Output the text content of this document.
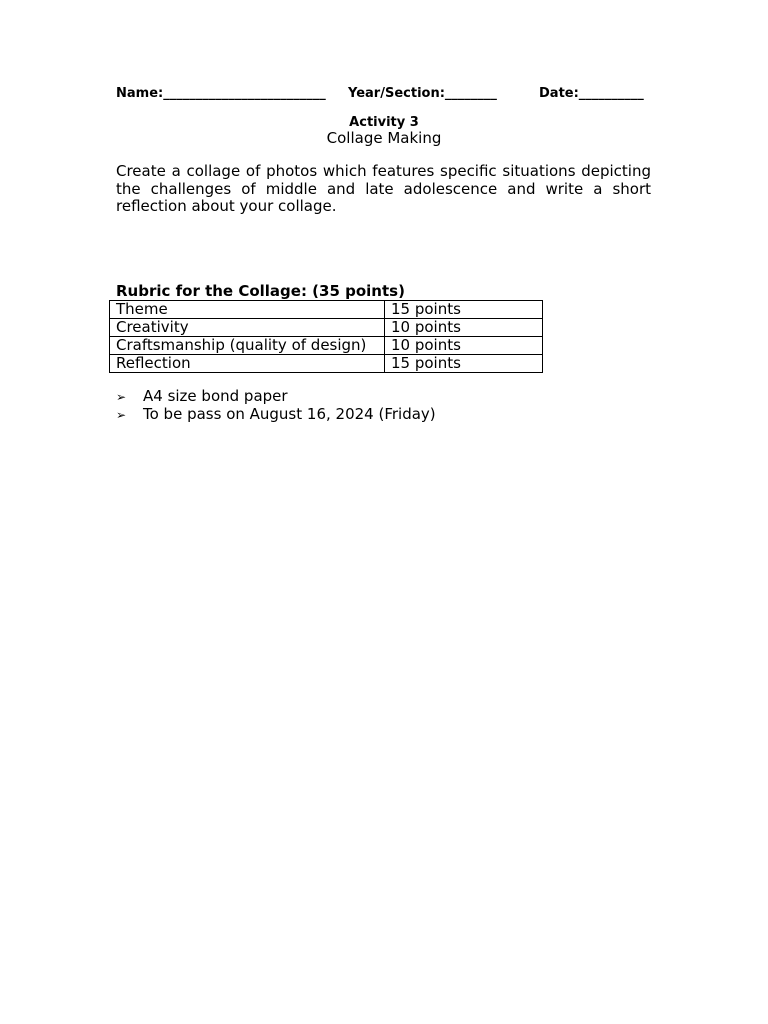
Name:_________________________ Year/Section:________	Date:__________
Activity 3
Collage Making
Create a collage of photos which features specific situations depicting the challenges of middle and late adolescence and write a short reflection about your collage.
Rubric for the Collage: (35 points)
Theme	15 points
Creativity	10 points
Craftsmanship (quality of design)	10 points
Reflection	15 points
➢ A4 size bond paper
➢ To be pass on August 16, 2024 (Friday)
